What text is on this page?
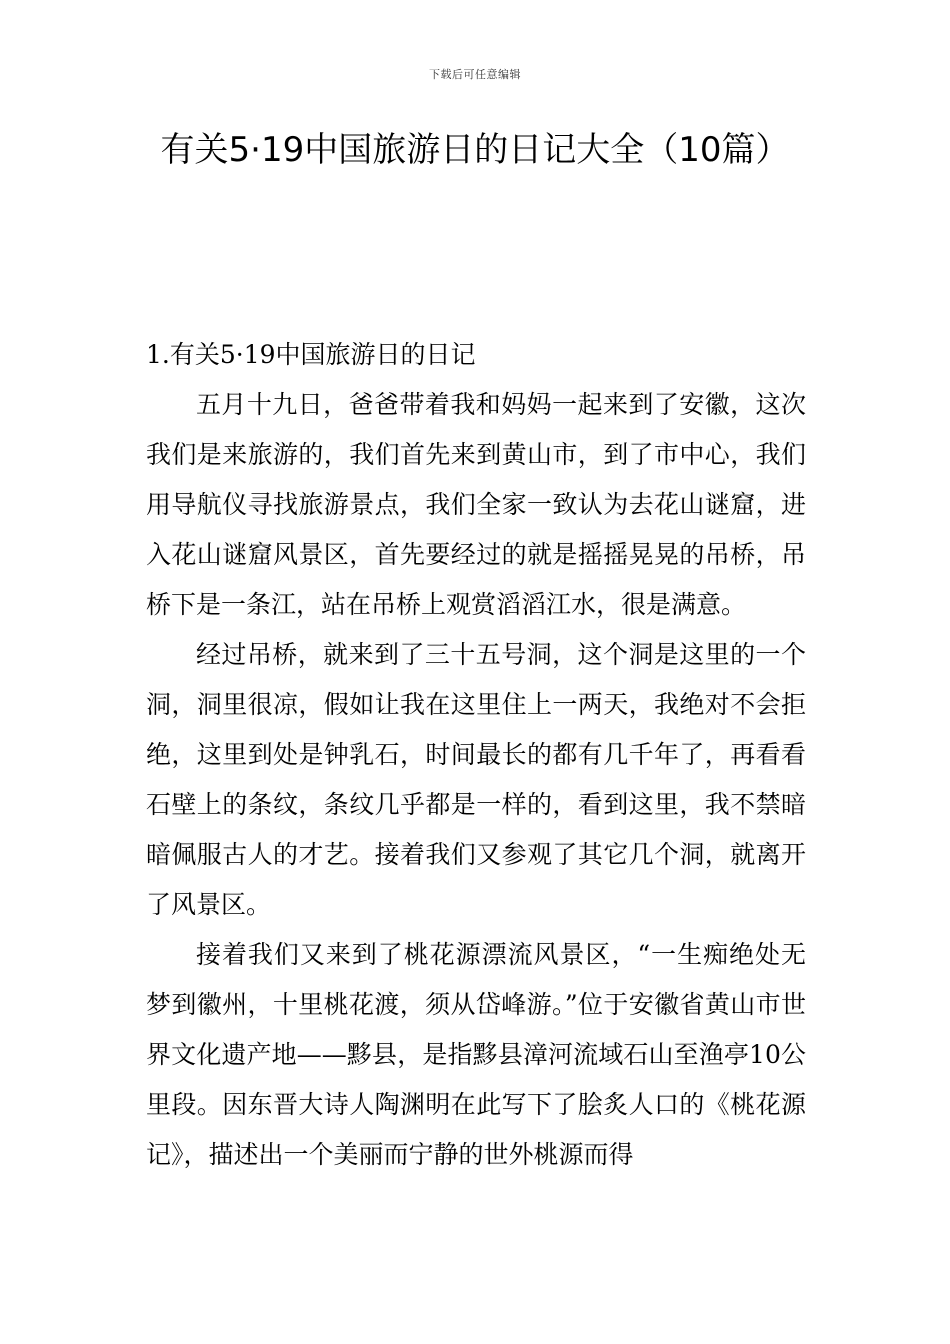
下载后可任意编辑
有关5·19中国旅游日的日记大全（10篇）
1.有关5·19中国旅游日的日记

五月十九日，爸爸带着我和妈妈一起来到了安徽，这次我们是来旅游的，我们首先来到黄山市，到了市中心，我们用导航仪寻找旅游景点，我们全家一致认为去花山谜窟，进入花山谜窟风景区，首先要经过的就是摇摇晃晃的吊桥，吊桥下是一条江，站在吊桥上观赏滔滔江水，很是满意。

经过吊桥，就来到了三十五号洞，这个洞是这里的一个洞，洞里很凉，假如让我在这里住上一两天，我绝对不会拒绝，这里到处是钟乳石，时间最长的都有几千年了，再看看石壁上的条纹，条纹几乎都是一样的，看到这里，我不禁暗暗佩服古人的才艺。接着我们又参观了其它几个洞，就离开了风景区。

接着我们又来到了桃花源漂流风景区，“一生痴绝处无梦到徽州，十里桃花渡，须从岱峰游。”位于安徽省黄山市世界文化遗产地——黟县，是指黟县漳河流域石山至渔亭10公里段。因东晋大诗人陶渊明在此写下了脍炙人口的《桃花源记》，描述出一个美丽而宁静的世外桃源而得
